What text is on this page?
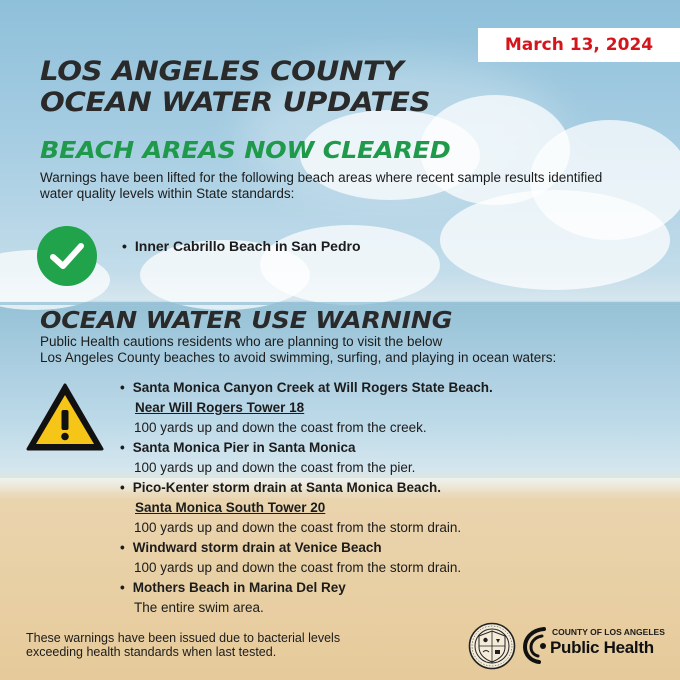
March 13, 2024
LOS ANGELES COUNTY
OCEAN WATER UPDATES
BEACH AREAS NOW CLEARED
Warnings have been lifted for the following beach areas where recent sample results identified water quality levels within State standards:
• Inner Cabrillo Beach in San Pedro
OCEAN WATER USE WARNING
Public Health cautions residents who are planning to visit the below
Los Angeles County beaches to avoid swimming, surfing, and playing in ocean waters:
• Santa Monica Canyon Creek at Will Rogers State Beach.
Near Will Rogers Tower 18
100 yards up and down the coast from the creek.
• Santa Monica Pier in Santa Monica
100 yards up and down the coast from the pier.
• Pico-Kenter storm drain at Santa Monica Beach.
Santa Monica South Tower 20
100 yards up and down the coast from the storm drain.
• Windward storm drain at Venice Beach
100 yards up and down the coast from the storm drain.
• Mothers Beach in Marina Del Rey
The entire swim area.
These warnings have been issued due to bacterial levels
exceeding health standards when last tested.
COUNTY OF LOS ANGELES
Public Health
